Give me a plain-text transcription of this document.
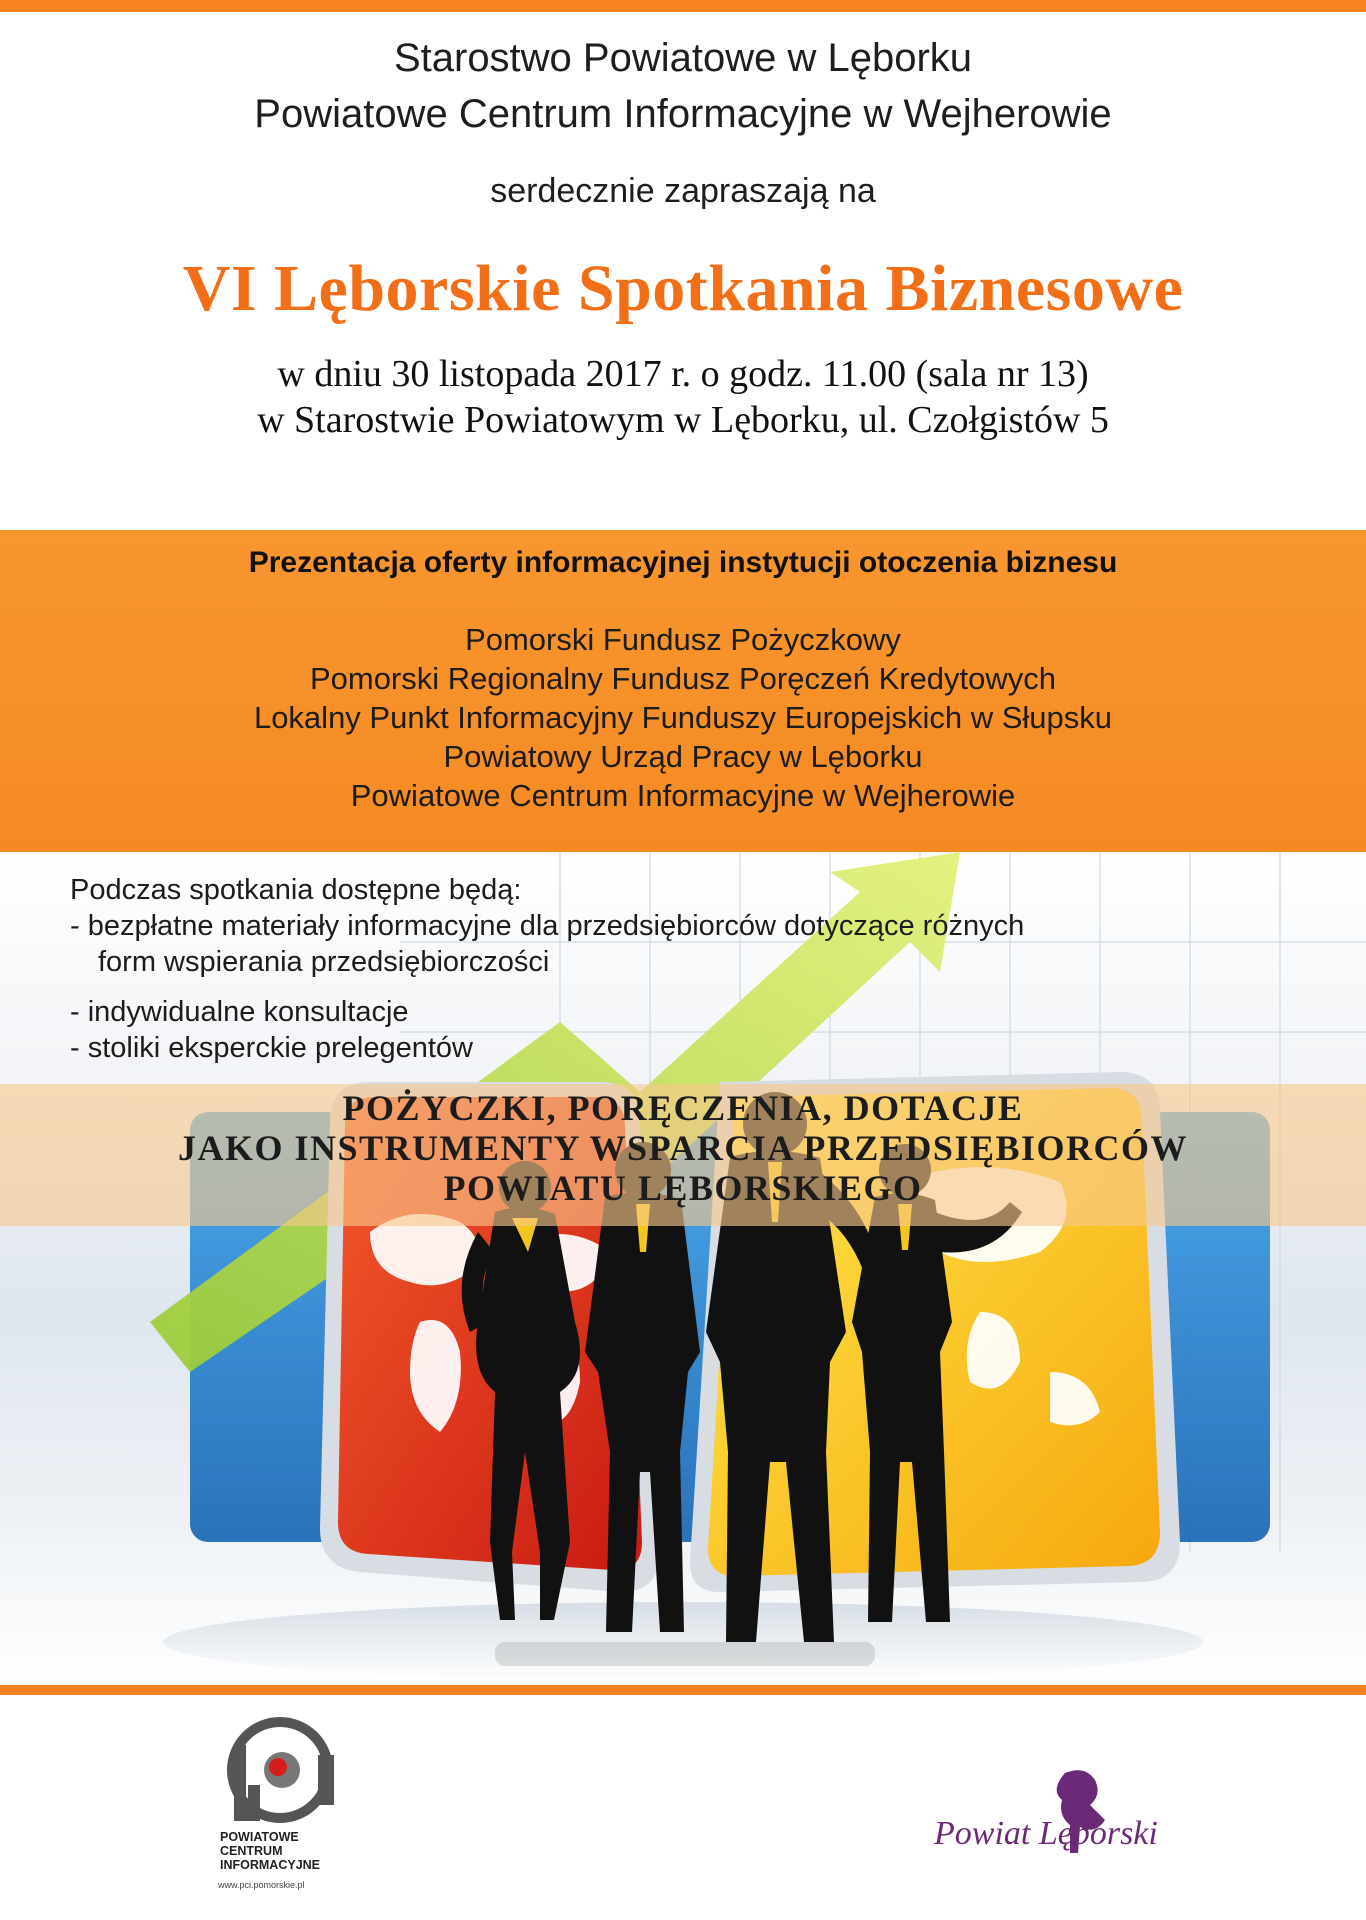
Starostwo Powiatowe w Lęborku
Powiatowe Centrum Informacyjne w Wejherowie
serdecznie zapraszają na
VI Lęborskie Spotkania Biznesowe
w dniu 30 listopada 2017 r. o godz. 11.00 (sala nr 13)
w Starostwie Powiatowym w Lęborku, ul. Czołgistów 5
Prezentacja oferty informacyjnej instytucji otoczenia biznesu
Pomorski Fundusz Pożyczkowy
Pomorski Regionalny Fundusz Poręczeń Kredytowych
Lokalny Punkt Informacyjny Funduszy Europejskich w Słupsku
Powiatowy Urząd Pracy w Lęborku
Powiatowe Centrum Informacyjne w Wejherowie
Podczas spotkania dostępne będą:
- bezpłatne materiały informacyjne dla przedsiębiorców dotyczące różnych
form wspierania przedsiębiorczości
- indywidualne konsultacje
- stoliki eksperckie prelegentów
POŻYCZKI, PORĘCZENIA, DOTACJE
JAKO INSTRUMENTY WSPARCIA PRZEDSIĘBIORCÓW
POWIATU LĘBORSKIEGO
POWIATOWE
CENTRUM
INFORMACYJNE
www.pci.pomorskie.pl
Powiat Lęborski
